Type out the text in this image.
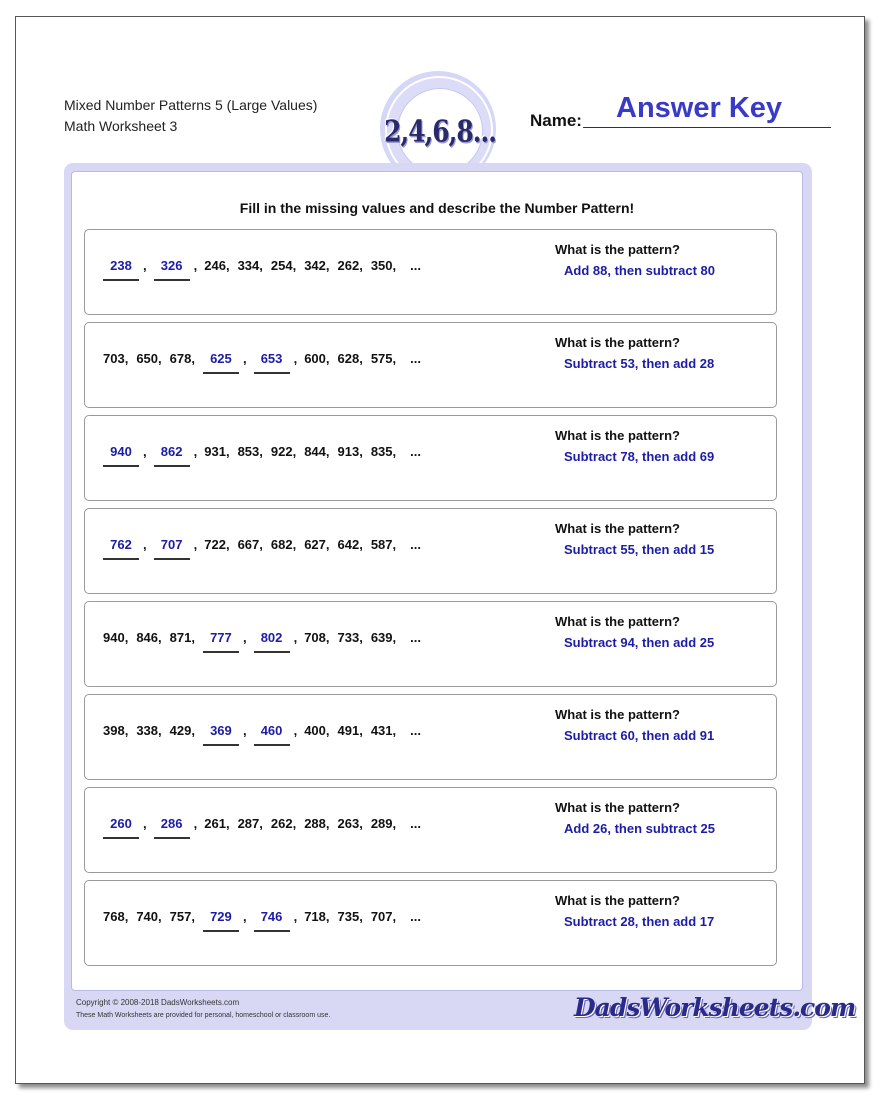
Mixed Number Patterns 5 (Large Values)
Math Worksheet 3	2,4,6,8... Name: Answer Key
Fill in the missing values and describe the Number Pattern!
238 , 326 , 246, 334, 254, 342, 262, 350, ...
What is the pattern?
Add 88, then subtract 80
703, 650, 678, 625 , 653 , 600, 628, 575, ...
What is the pattern?
Subtract 53, then add 28
940 , 862 , 931, 853, 922, 844, 913, 835, ...
What is the pattern?
Subtract 78, then add 69
762 , 707 , 722, 667, 682, 627, 642, 587, ...
What is the pattern?
Subtract 55, then add 15
940, 846, 871, 777 , 802 , 708, 733, 639, ...
What is the pattern?
Subtract 94, then add 25
398, 338, 429, 369 , 460 , 400, 491, 431, ...
What is the pattern?
Subtract 60, then add 91
260 , 286 , 261, 287, 262, 288, 263, 289, ...
What is the pattern?
Add 26, then subtract 25
768, 740, 757, 729 , 746 , 718, 735, 707, ...
What is the pattern?
Subtract 28, then add 17
Copyright © 2008-2018 DadsWorksheets.com
These Math Worksheets are provided for personal, homeschool or classroom use.	DadsWorksheets.com
